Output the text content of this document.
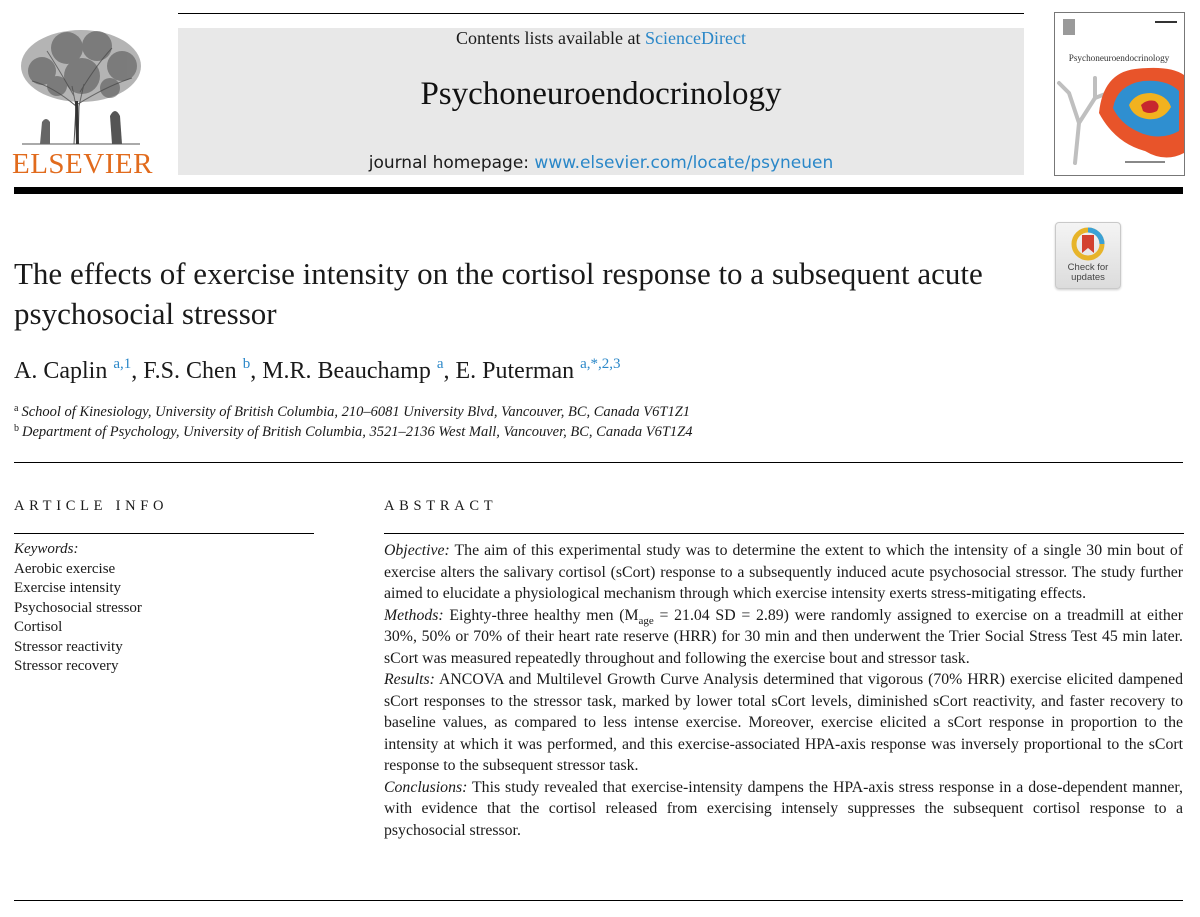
ELSEVIER
Contents lists available at ScienceDirect
Psychoneuroendocrinology
journal homepage: www.elsevier.com/locate/psyneuen
Psychoneuroendocrinology
Check for
updates
The effects of exercise intensity on the cortisol response to a subsequent acute psychosocial stressor
A. Caplin $^{a,1}$, F.S. Chen $^b$, M.R. Beauchamp $^a$, E. Puterman $^{a,*,2,3}$
$^a$ School of Kinesiology, University of British Columbia, 210–6081 University Blvd, Vancouver, BC, Canada V6T1Z1
$^b$ Department of Psychology, University of British Columbia, 3521–2136 West Mall, Vancouver, BC, Canada V6T1Z4
ARTICLE INFO
Keywords:
Aerobic exercise
Exercise intensity
Psychosocial stressor
Cortisol
Stressor reactivity
Stressor recovery
ABSTRACT

Objective: The aim of this experimental study was to determine the extent to which the intensity of a single 30 min bout of exercise alters the salivary cortisol (sCort) response to a subsequently induced acute psychosocial stressor. The study further aimed to elucidate a physiological mechanism through which exercise intensity exerts stress-mitigating effects.

Methods: Eighty-three healthy men ($M_{age} = 21.04$ SD = 2.89) were randomly assigned to exercise on a treadmill at either 30%, 50% or 70% of their heart rate reserve (HRR) for 30 min and then underwent the Trier Social Stress Test 45 min later. sCort was measured repeatedly throughout and following the exercise bout and stressor task.

Results: ANCOVA and Multilevel Growth Curve Analysis determined that vigorous (70% HRR) exercise elicited dampened sCort responses to the stressor task, marked by lower total sCort levels, diminished sCort reactivity, and faster recovery to baseline values, as compared to less intense exercise. Moreover, exercise elicited a sCort response in proportion to the intensity at which it was performed, and this exercise-associated HPA-axis response was inversely proportional to the sCort response to the subsequent stressor task.

Conclusions: This study revealed that exercise-intensity dampens the HPA-axis stress response in a dose-dependent manner, with evidence that the cortisol released from exercising intensely suppresses the subsequent cortisol response to a psychosocial stressor.
